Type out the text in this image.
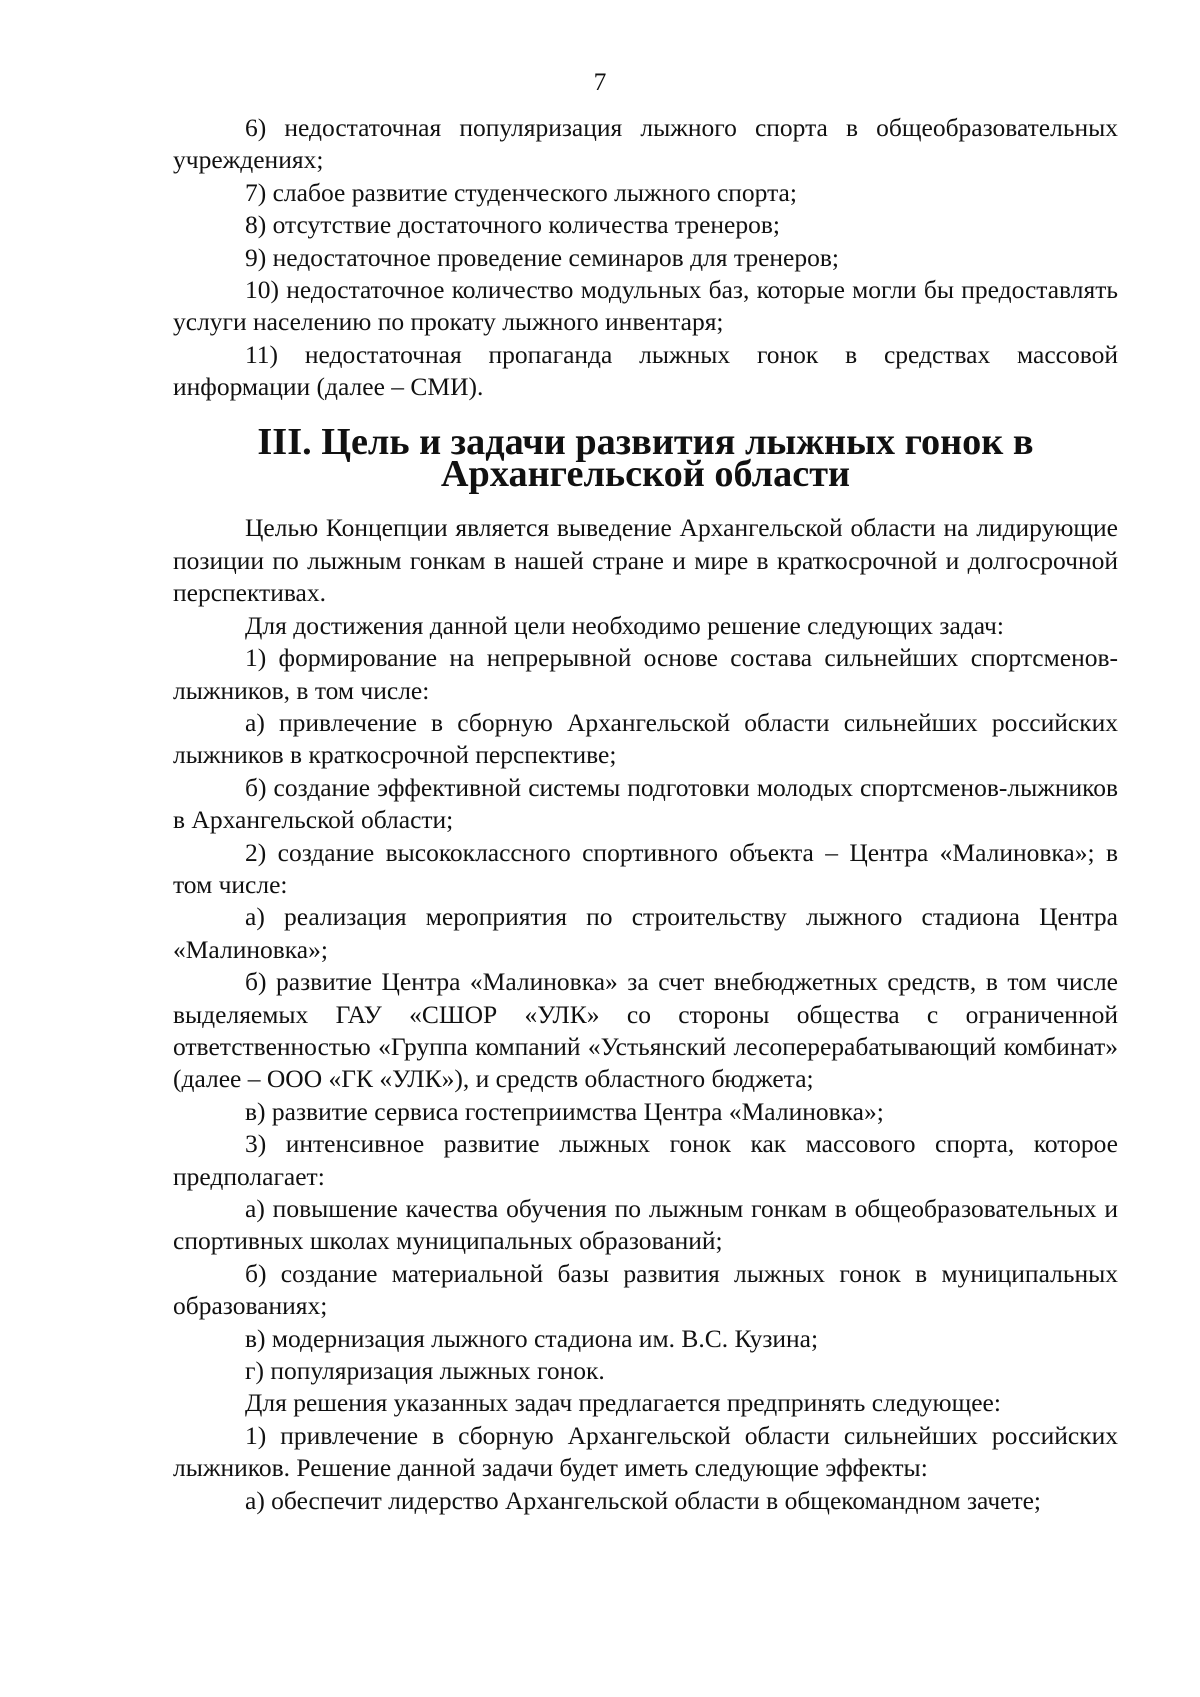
7

6) недостаточная популяризация лыжного спорта в общеобразовательных учреждениях;

7) слабое развитие студенческого лыжного спорта;

8) отсутствие достаточного количества тренеров;

9) недостаточное проведение семинаров для тренеров;

10) недостаточное количество модульных баз, которые могли бы предоставлять услуги населению по прокату лыжного инвентаря;

11) недостаточная пропаганда лыжных гонок в средствах массовой информации (далее – СМИ).

III. Цель и задачи развития лыжных гонок в Архангельской области

Целью Концепции является выведение Архангельской области на лидирующие позиции по лыжным гонкам в нашей стране и мире в краткосрочной и долгосрочной перспективах.

Для достижения данной цели необходимо решение следующих задач:

1) формирование на непрерывной основе состава сильнейших спортсменов-лыжников, в том числе:

а) привлечение в сборную Архангельской области сильнейших российских лыжников в краткосрочной перспективе;

б) создание эффективной системы подготовки молодых спортсменов-лыжников в Архангельской области;

2) создание высококлассного спортивного объекта – Центра «Малиновка»; в том числе:

а) реализация мероприятия по строительству лыжного стадиона Центра «Малиновка»;

б) развитие Центра «Малиновка» за счет внебюджетных средств, в том числе выделяемых ГАУ «СШОР «УЛК» со стороны общества с ограниченной ответственностью «Группа компаний «Устьянский лесоперерабатывающий комбинат» (далее – ООО «ГК «УЛК»), и средств областного бюджета;

в) развитие сервиса гостеприимства Центра «Малиновка»;

3) интенсивное развитие лыжных гонок как массового спорта, которое предполагает:

а) повышение качества обучения по лыжным гонкам в общеобразовательных и спортивных школах муниципальных образований;

б) создание материальной базы развития лыжных гонок в муниципальных образованиях;

в) модернизация лыжного стадиона им. В.С. Кузина;

г) популяризация лыжных гонок.

Для решения указанных задач предлагается предпринять следующее:

1) привлечение в сборную Архангельской области сильнейших российских лыжников. Решение данной задачи будет иметь следующие эффекты:

а) обеспечит лидерство Архангельской области в общекомандном зачете;
